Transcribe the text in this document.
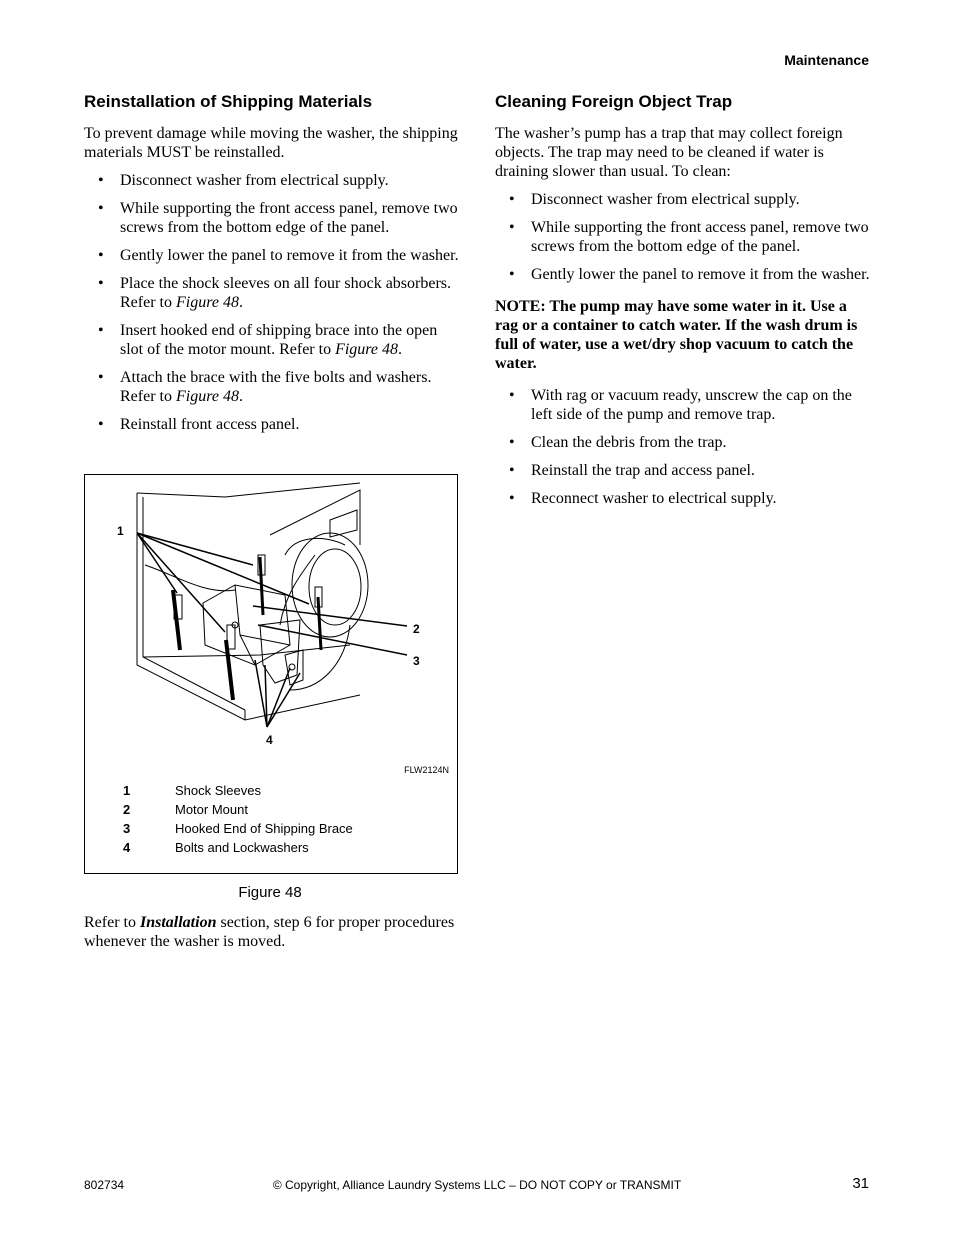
Maintenance
Reinstallation of Shipping Materials

To prevent damage while moving the washer, the shipping materials MUST be reinstalled.

• Disconnect washer from electrical supply.
• While supporting the front access panel, remove two screws from the bottom edge of the panel.
• Gently lower the panel to remove it from the washer.
• Place the shock sleeves on all four shock absorbers. Refer to Figure 48.
• Insert hooked end of shipping brace into the open slot of the motor mount. Refer to Figure 48.
• Attach the brace with the five bolts and washers. Refer to Figure 48.
• Reinstall front access panel.
1
2
3
4
FLW2124N
1	Shock Sleeves
2	Motor Mount
3	Hooked End of Shipping Brace
4	Bolts and Lockwashers
Figure 48

Refer to Installation section, step 6 for proper procedures whenever the washer is moved.

Cleaning Foreign Object Trap

The washer’s pump has a trap that may collect foreign objects. The trap may need to be cleaned if water is draining slower than usual. To clean:

• Disconnect washer from electrical supply.
• While supporting the front access panel, remove two screws from the bottom edge of the panel.
• Gently lower the panel to remove it from the washer.

NOTE: The pump may have some water in it. Use a rag or a container to catch water. If the wash drum is full of water, use a wet/dry shop vacuum to catch the water.

• With rag or vacuum ready, unscrew the cap on the left side of the pump and remove trap.
• Clean the debris from the trap.
• Reinstall the trap and access panel.
• Reconnect washer to electrical supply.
802734	© Copyright, Alliance Laundry Systems LLC – DO NOT COPY or TRANSMIT	31
